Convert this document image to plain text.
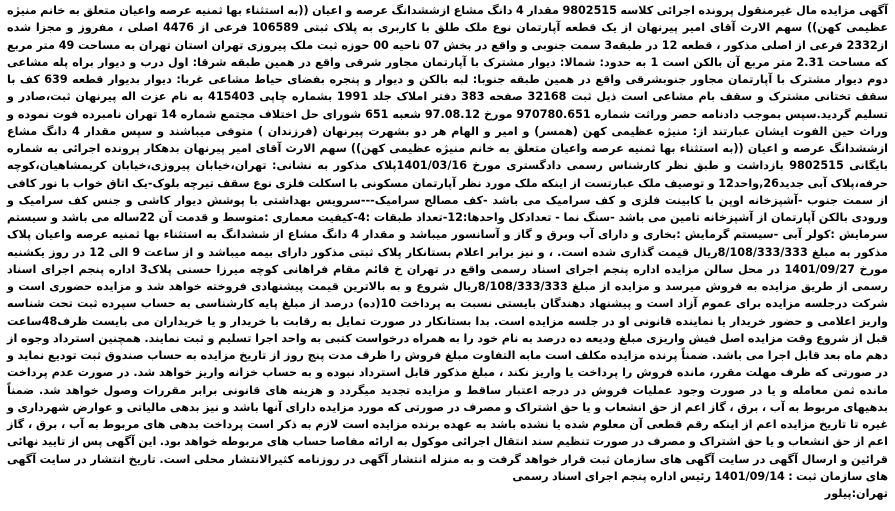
آگهی مزایده مال غیرمنقول پرونده اجرائی کلاسه 9802515 مقدار 4 دانگ مشاع ازششدانگ عرصه و اعیان ((به استثناء بها ثمنیه عرصه واعیان متعلق به خانم منیژه عظیمی کهن)) سهم الارث آقای امیر پیرنهان از یک قطعه آپارتمان نوع ملک طلق با کاربری به پلاک ثبتی 106589 فرعی از 4476 اصلی ، مفروز و مجزا شده از2332 فرعی از اصلی مذکور ، قطعه 12 در طبقه3 سمت جنوبی و واقع در بخش 07 ناحیه 00 حوزه ثبت ملک پیروزی تهران استان تهران به مساحت 49 متر مربع که مساحت 2.31 متر مربع آن بالکن است 1 به حدود: شمالا: دیوار مشترک با آپارتمان مجاور شرقی واقع در همین طبقه شرقا: اول درب و دیوار براه پله مشاعی دوم دیوار مشترک با آپارتمان مجاور جنوبشرقی واقع در همین طبقه جنوبا: لبه بالکن و دیوار و پنجره بفضای حیاط مشاعی غربا: دیوار بدیوار قطعه 639 کف با سقف تختانی مشترک و سقف بام مشاعی است ذیل ثبت 32168 صفحه 383 دفتر املاک جلد 1991 بشماره چاپی 415403 به نام عزت اله پیرنهان ثبت،صادر و تسلیم گردید.سپس بموجب دادنامه حصر وراثت شماره 970780.651 مورخ 97.08.12 شعبه 651 شورای حل اختلاف مجتمع شماره 14 تهران نامبرده فوت نموده و وراث حین الفوت ایشان عبارتند از: منیژه عظیمی کهن (همسر) و امیر و الهام هر دو بشهرت پیرنهان (فرزندان ) متوفی میباشند و سپس مقدار 4 دانگ مشاع ازششدانگ عرصه و اعیان ((به استثناء بها ثمنیه عرصه واعیان متعلق به خانم منیژه عظیمی کهن)) سهم الارث آقای امیر پیرنهان بدهکار پرونده اجرائی به شماره بایگانی 9802515 بازداشت و طبق نظر کارشناس رسمی دادگستری مورخ 1401/03/16پلاک مذکور به نشانی: تهران،خیابان پیروزی،خیابان کریمشاهیان،کوچه حرفه،پلاک آبی جدید26,واحد12 و توصیف ملک عبارتست از اینکه ملک مورد نظر آپارتمان مسکونی با اسکلت فلزی نوع سقف تیرچه بلوک-یک اتاق خواب با نور کافی از سمت جنوب -آشپزخانه اوپن با کابینت فلزی و کف سرامیک می باشد -کف مصالح سرامیک---سرویس بهداشتی با پوشش دیوار کاشی و جنس کف سرامیک و ورودی بالکن آپارتمان از آشپزخانه تامین می باشد -سنگ نما - تعدادکل واحدها:12-تعداد طبقات :4-کیفیت معماری :متوسط و قدمت آن 22ساله می باشد و سیستم سرمایش :کولر آبی -سیستم گرمایش :بخاری و دارای آب وبرق و گاز و آسانسور میباشد و مقدار 4 دانگ مشاع از ششدانگ به استثناء بها ثمنیه عرصه واعیان پلاک مذکور به مبلغ 8/108/333/333ریال قیمت گذاری شده است. ، و نیز برابر اعلام بستانکار پلاک ثبتی مذکور دارای بیمه میباشد و از ساعت 9 الی 12 در روز یکشنبه مورخ 1401/09/27 در محل سالن مزایده اداره پنجم اجرای اسناد رسمی واقع در تهران خ قائم مقام فراهانی کوچه میرزا حسنی پلاک3 اداره پنجم اجرای اسناد رسمی از طریق مزایده به فروش میرسد و مزایده از مبلغ 8/108/333/333ریال شروع و به بالاترین قیمت پیشنهادی فروخته خواهد شد و مزایده حضوری است و شرکت درجلسه مزایده برای عموم آزاد است و پیشنهاد دهندگان بایستی نسبت به پرداخت 10(ده) درصد از مبلغ پایه کارشناسی به حساب سپرده ثبت تحت شناسه واریز اعلامی و حضور خریدار یا نماینده قانونی او در جلسه مزایده است. بدا بستانکار در صورت تمایل به رقابت با خریدار و یا خریداران می بایست ظرف48ساعت قبل از شروع وقت مزایده اصل فیش واریزی مبلغ ودیعه ده درصد به نام خود را به همراه درخواست کتبی به واحد اجرا تسلیم و ثبت نمایند. همچنین استرداد وجوه از دهم ماه بعد قابل اجرا می باشد. ضمناً پرنده مزایده مکلف است مابه التفاوت مبلغ فروش را ظرف مدت پنج روز از تاریخ مزایده به حساب صندوق ثبت تودیع نماید و در صورتی که ظرف مهلت مقرر، مانده فروش را پرداخت یا واریز نکند ، مبلغ مذکور قابل استرداد نبوده و به حساب خزانه واریز خواهد شد. در صورت عدم پرداخت مانده ثمن معامله و یا در صورت وجود عملیات فروش در درجه اعتبار ساقط و مزایده تجدید میگردد و هزینه های قانونی برابر مقررات وصول خواهد شد. ضمناً بدهیهای مربوط به آب ، برق ، گاز اعم از حق انشعاب و یا حق اشتراک و مصرف در صورتی که مورد مزایده دارای آنها باشد و نیز بدهی مالیاتی و عوارض شهرداری و غیره تا تاریخ مزایده اعم از اینکه رقم قطعی آن معلوم شده یا نشده باشد به عهده برنده مزایده است لازم به ذکر است پرداخت بدهی های مربوط به آب ، برق ، گاز اعم از حق انشعاب و یا حق اشتراک و مصرف در صورت تنظیم سند انتقال اجرائی موکول به ارائه مفاصا حساب های مربوطه خواهد بود. این آگهی پس از تایید نهائی قرائین و ارسال آگهی در سایت آگهی های سازمان ثبت قرار خواهد گرفت و به منزله انتشار آگهی در روزنامه کثیرالانتشار محلی است. تاریخ انتشار در سایت آگهی های سازمان ثبت : 1401/09/14 رئیس اداره پنجم اجرای اسناد رسمی

تهران:پیلور
